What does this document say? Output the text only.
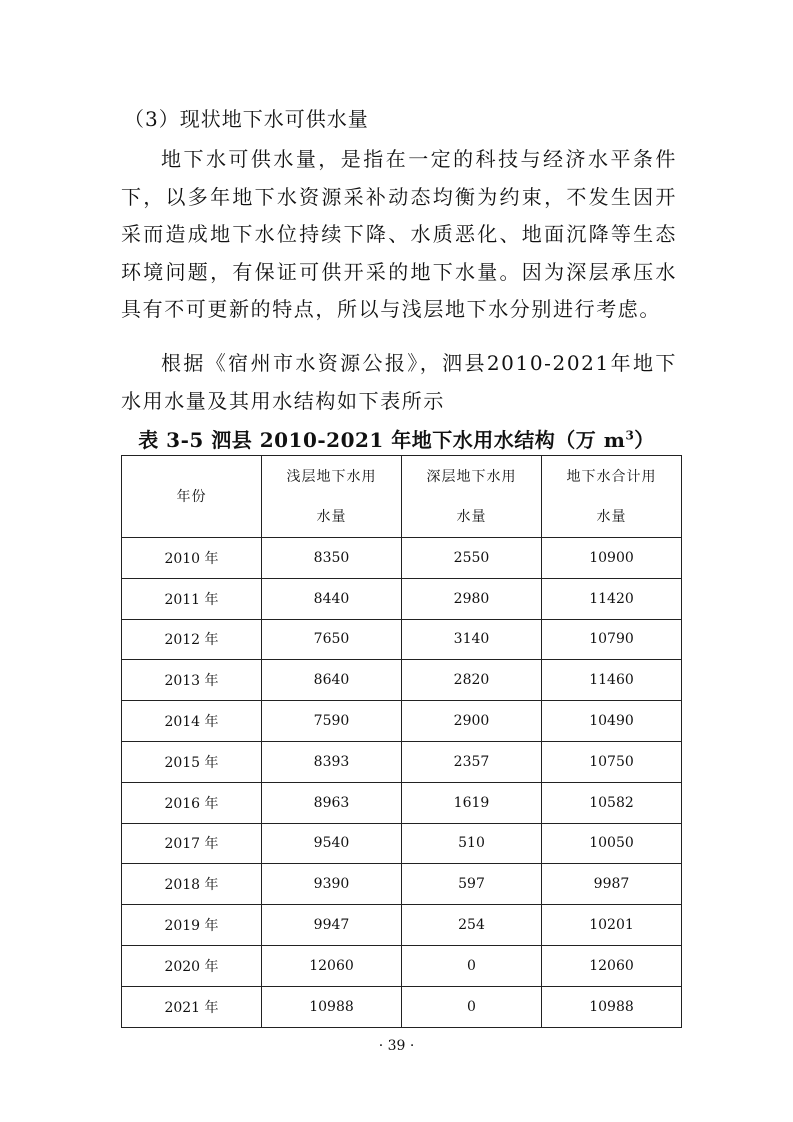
（3）现状地下水可供水量
地下水可供水量，是指在一定的科技与经济水平条件下，以多年地下水资源采补动态均衡为约束，不发生因开采而造成地下水位持续下降、水质恶化、地面沉降等生态环境问题，有保证可供开采的地下水量。因为深层承压水具有不可更新的特点，所以与浅层地下水分别进行考虑。
根据《宿州市水资源公报》，泗县2010-2021年地下水用水量及其用水结构如下表所示
表 3-5 泗县 2010-2021 年地下水用水结构（万 $m^3$）
年份	浅层地下水用水量	深层地下水用水量	地下水合计用水量
2010 年	8350	2550	10900
2011 年	8440	2980	11420
2012 年	7650	3140	10790
2013 年	8640	2820	11460
2014 年	7590	2900	10490
2015 年	8393	2357	10750
2016 年	8963	1619	10582
2017 年	9540	510	10050
2018 年	9390	597	9987
2019 年	9947	254	10201
2020 年	12060	0	12060
2021 年	10988	0	10988
· 39 ·
